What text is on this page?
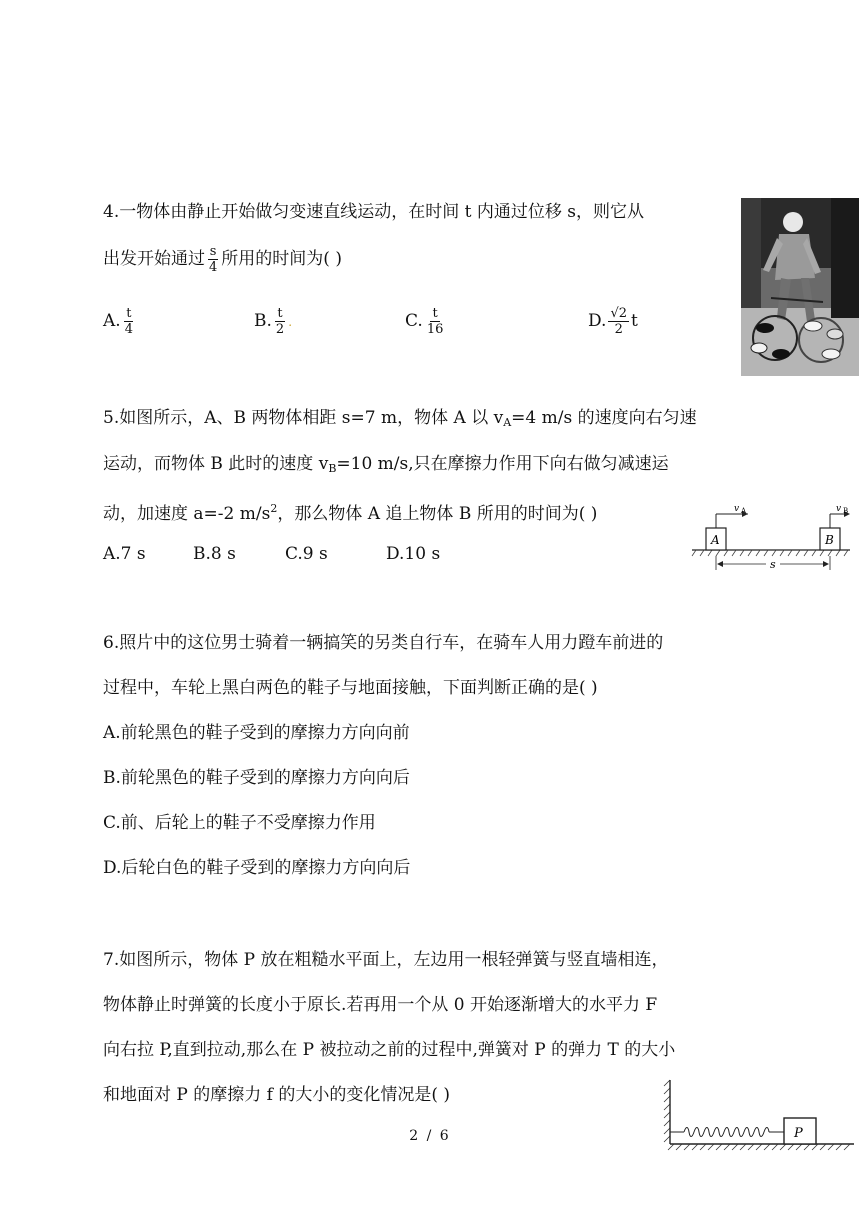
4.一物体由静止开始做匀变速直线运动，在时间 t 内通过位移 s，则它从
出发开始通过 $\frac{s}{4}$ 所用的时间为( )
A. $\frac{t}{4}$	B. $\frac{t}{2}$ .	C. $\frac{t}{16}$	D. $\frac{√2}{2}$ t
5.如图所示，A、B 两物体相距 s=7 m，物体 A 以 $v_A=4$ m/s 的速度向右匀速
运动，而物体 B 此时的速度 $v_B=10$ m/s,只在摩擦力作用下向右做匀减速运
动，加速度 a=-2 $m/s^2$，那么物体 A 追上物体 B 所用的时间为( )
A.7 s	B.8 s	C.9 s	D.10 s
A	B
v A	v B
s
6.照片中的这位男士骑着一辆搞笑的另类自行车，在骑车人用力蹬车前进的
过程中，车轮上黑白两色的鞋子与地面接触，下面判断正确的是( )
A.前轮黑色的鞋子受到的摩擦力方向向前
B.前轮黑色的鞋子受到的摩擦力方向向后
C.前、后轮上的鞋子不受摩擦力作用
D.后轮白色的鞋子受到的摩擦力方向向后
7.如图所示，物体 P 放在粗糙水平面上，左边用一根轻弹簧与竖直墙相连，
物体静止时弹簧的长度小于原长.若再用一个从 0 开始逐渐增大的水平力 F
向右拉 P,直到拉动,那么在 P 被拉动之前的过程中,弹簧对 P 的弹力 T 的大小
和地面对 P 的摩擦力 f 的大小的变化情况是( )
P
2 / 6
